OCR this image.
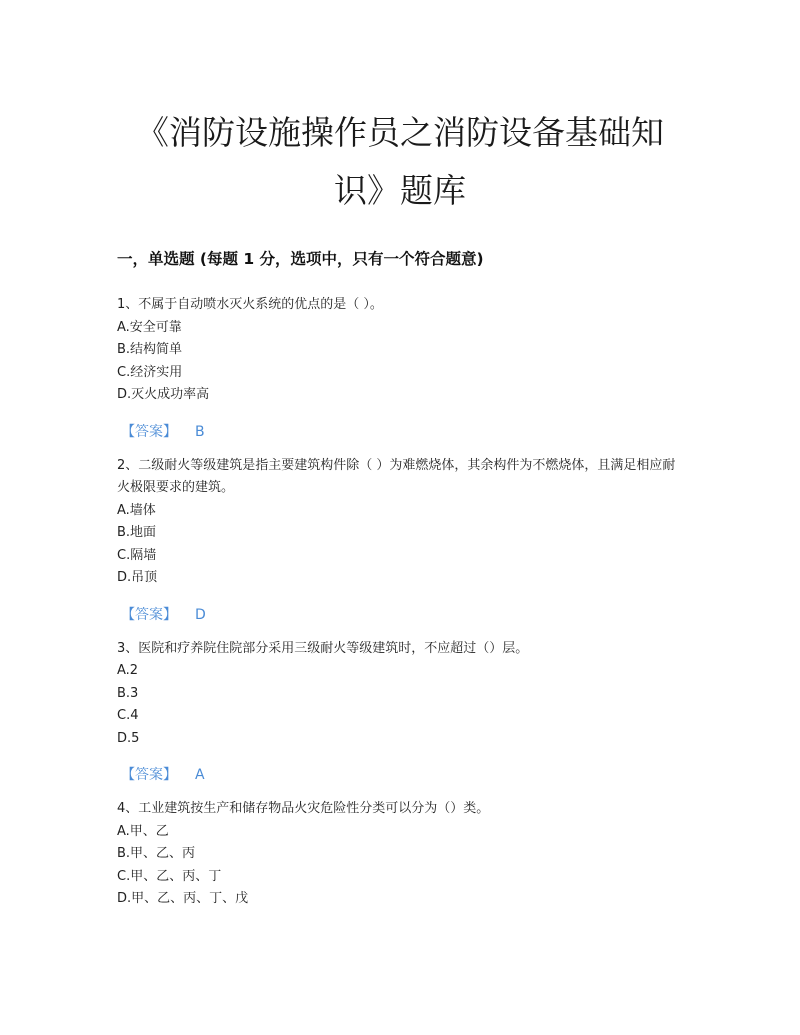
《消防设施操作员之消防设备基础知
识》题库
一，单选题 (每题 1 分，选项中，只有一个符合题意)
1、不属于自动喷水灭火系统的优点的是（ ）。
A.安全可靠
B.结构简单
C.经济实用
D.灭火成功率高
【答案】 B
2、二级耐火等级建筑是指主要建筑构件除（ ）为难燃烧体，其余构件为不燃烧体，且满足相应耐火极限要求的建筑。
A.墙体
B.地面
C.隔墙
D.吊顶
【答案】 D
3、医院和疗养院住院部分采用三级耐火等级建筑时，不应超过（）层。
A.2
B.3
C.4
D.5
【答案】 A
4、工业建筑按生产和储存物品火灾危险性分类可以分为（）类。
A.甲、乙
B.甲、乙、丙
C.甲、乙、丙、丁
D.甲、乙、丙、丁、戊
